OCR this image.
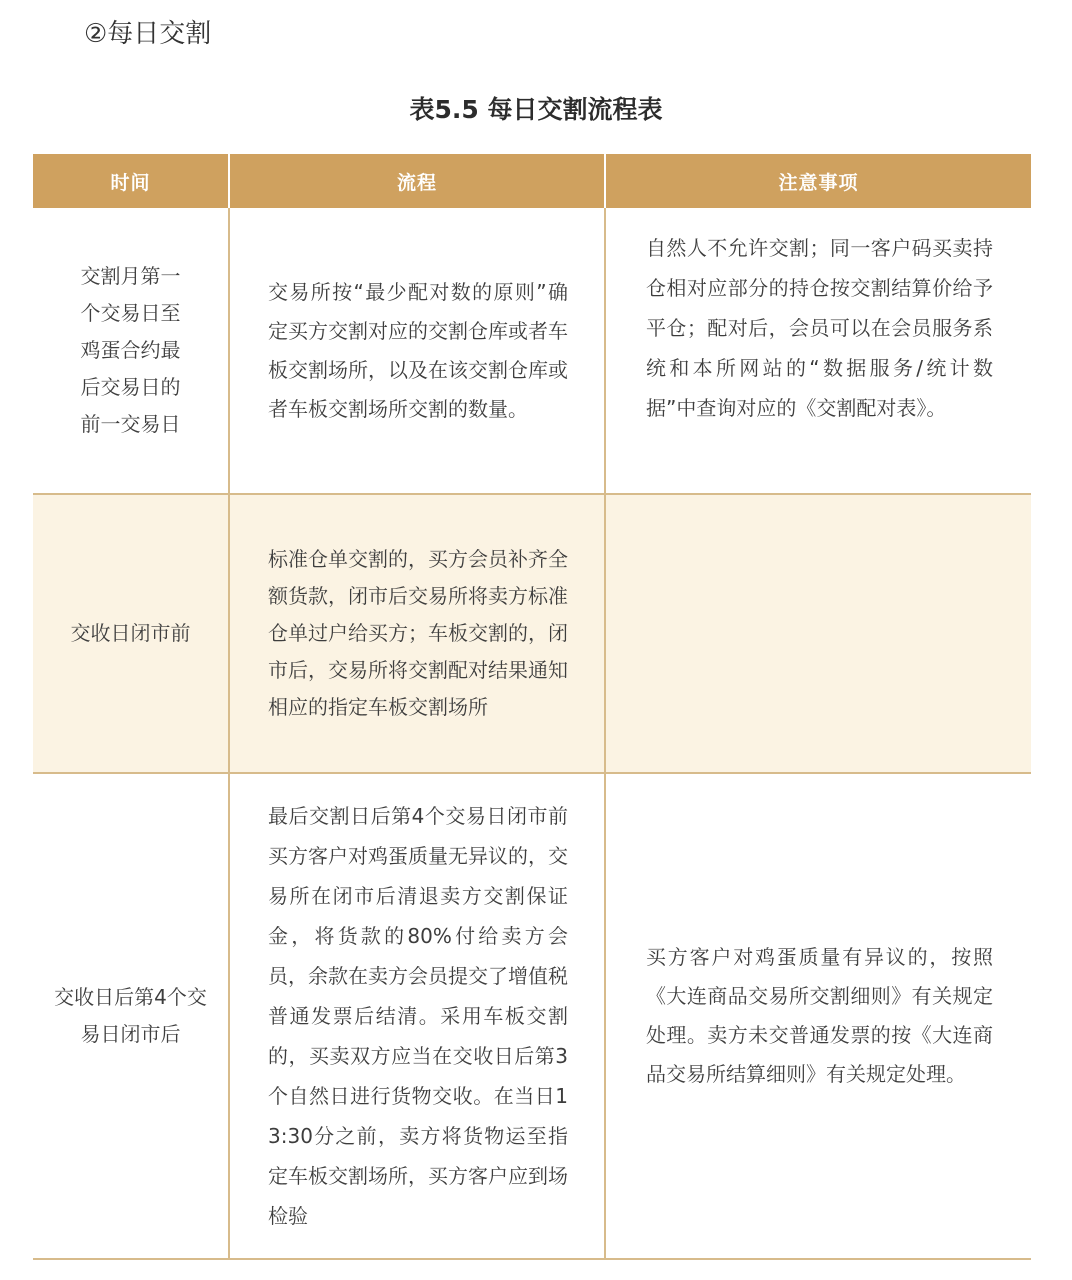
②每日交割
表5.5 每日交割流程表
时间	流程	注意事项

交割月第一个交易日至鸡蛋合约最后交易日的前一交易日	交易所按“最少配对数的原则”确定买方交割对应的交割仓库或者车板交割场所，以及在该交割仓库或者车板交割场所交割的数量。	自然人不允许交割；同一客户码买卖持仓相对应部分的持仓按交割结算价给予平仓；配对后，会员可以在会员服务系统和本所网站的“数据服务/统计数据”中查询对应的《交割配对表》。

交收日闭市前	标准仓单交割的，买方会员补齐全额货款，闭市后交易所将卖方标准仓单过户给买方；车板交割的，闭市后，交易所将交割配对结果通知相应的指定车板交割场所	

交收日后第4个交易日闭市后	最后交割日后第4个交易日闭市前买方客户对鸡蛋质量无异议的，交易所在闭市后清退卖方交割保证金，将货款的80%付给卖方会员，余款在卖方会员提交了增值税普通发票后结清。采用车板交割的，买卖双方应当在交收日后第3个自然日进行货物交收。在当日13:30分之前，卖方将货物运至指定车板交割场所，买方客户应到场检验	买方客户对鸡蛋质量有异议的，按照《大连商品交易所交割细则》有关规定处理。卖方未交普通发票的按《大连商品交易所结算细则》有关规定处理。
